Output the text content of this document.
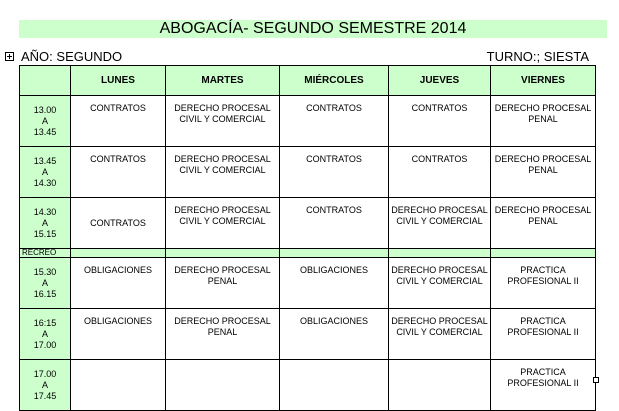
ABOGACÍA- SEGUNDO SEMESTRE 2014
AÑO: SEGUNDO	TURNO:; SIESTA
	LUNES	MARTES	MIÉRCOLES	JUEVES	VIERNES

13.00
A
13.45	CONTRATOS	DERECHO PROCESAL CIVIL Y COMERCIAL	CONTRATOS	CONTRATOS	DERECHO PROCESAL PENAL

13.45
A
14.30	CONTRATOS	DERECHO PROCESAL CIVIL Y COMERCIAL	CONTRATOS	CONTRATOS	DERECHO PROCESAL PENAL

14.30
A
15.15	CONTRATOS	DERECHO PROCESAL CIVIL Y COMERCIAL	CONTRATOS	DERECHO PROCESAL CIVIL Y COMERCIAL	DERECHO PROCESAL PENAL
RECREO					

15.30
A
16.15	OBLIGACIONES	DERECHO PROCESAL PENAL	OBLIGACIONES	DERECHO PROCESAL CIVIL Y COMERCIAL	PRACTICA PROFESIONAL II

16:15
A
17.00	OBLIGACIONES	DERECHO PROCESAL PENAL	OBLIGACIONES	DERECHO PROCESAL CIVIL Y COMERCIAL	PRACTICA PROFESIONAL II

17.00
A
17.45					PRACTICA PROFESIONAL II
